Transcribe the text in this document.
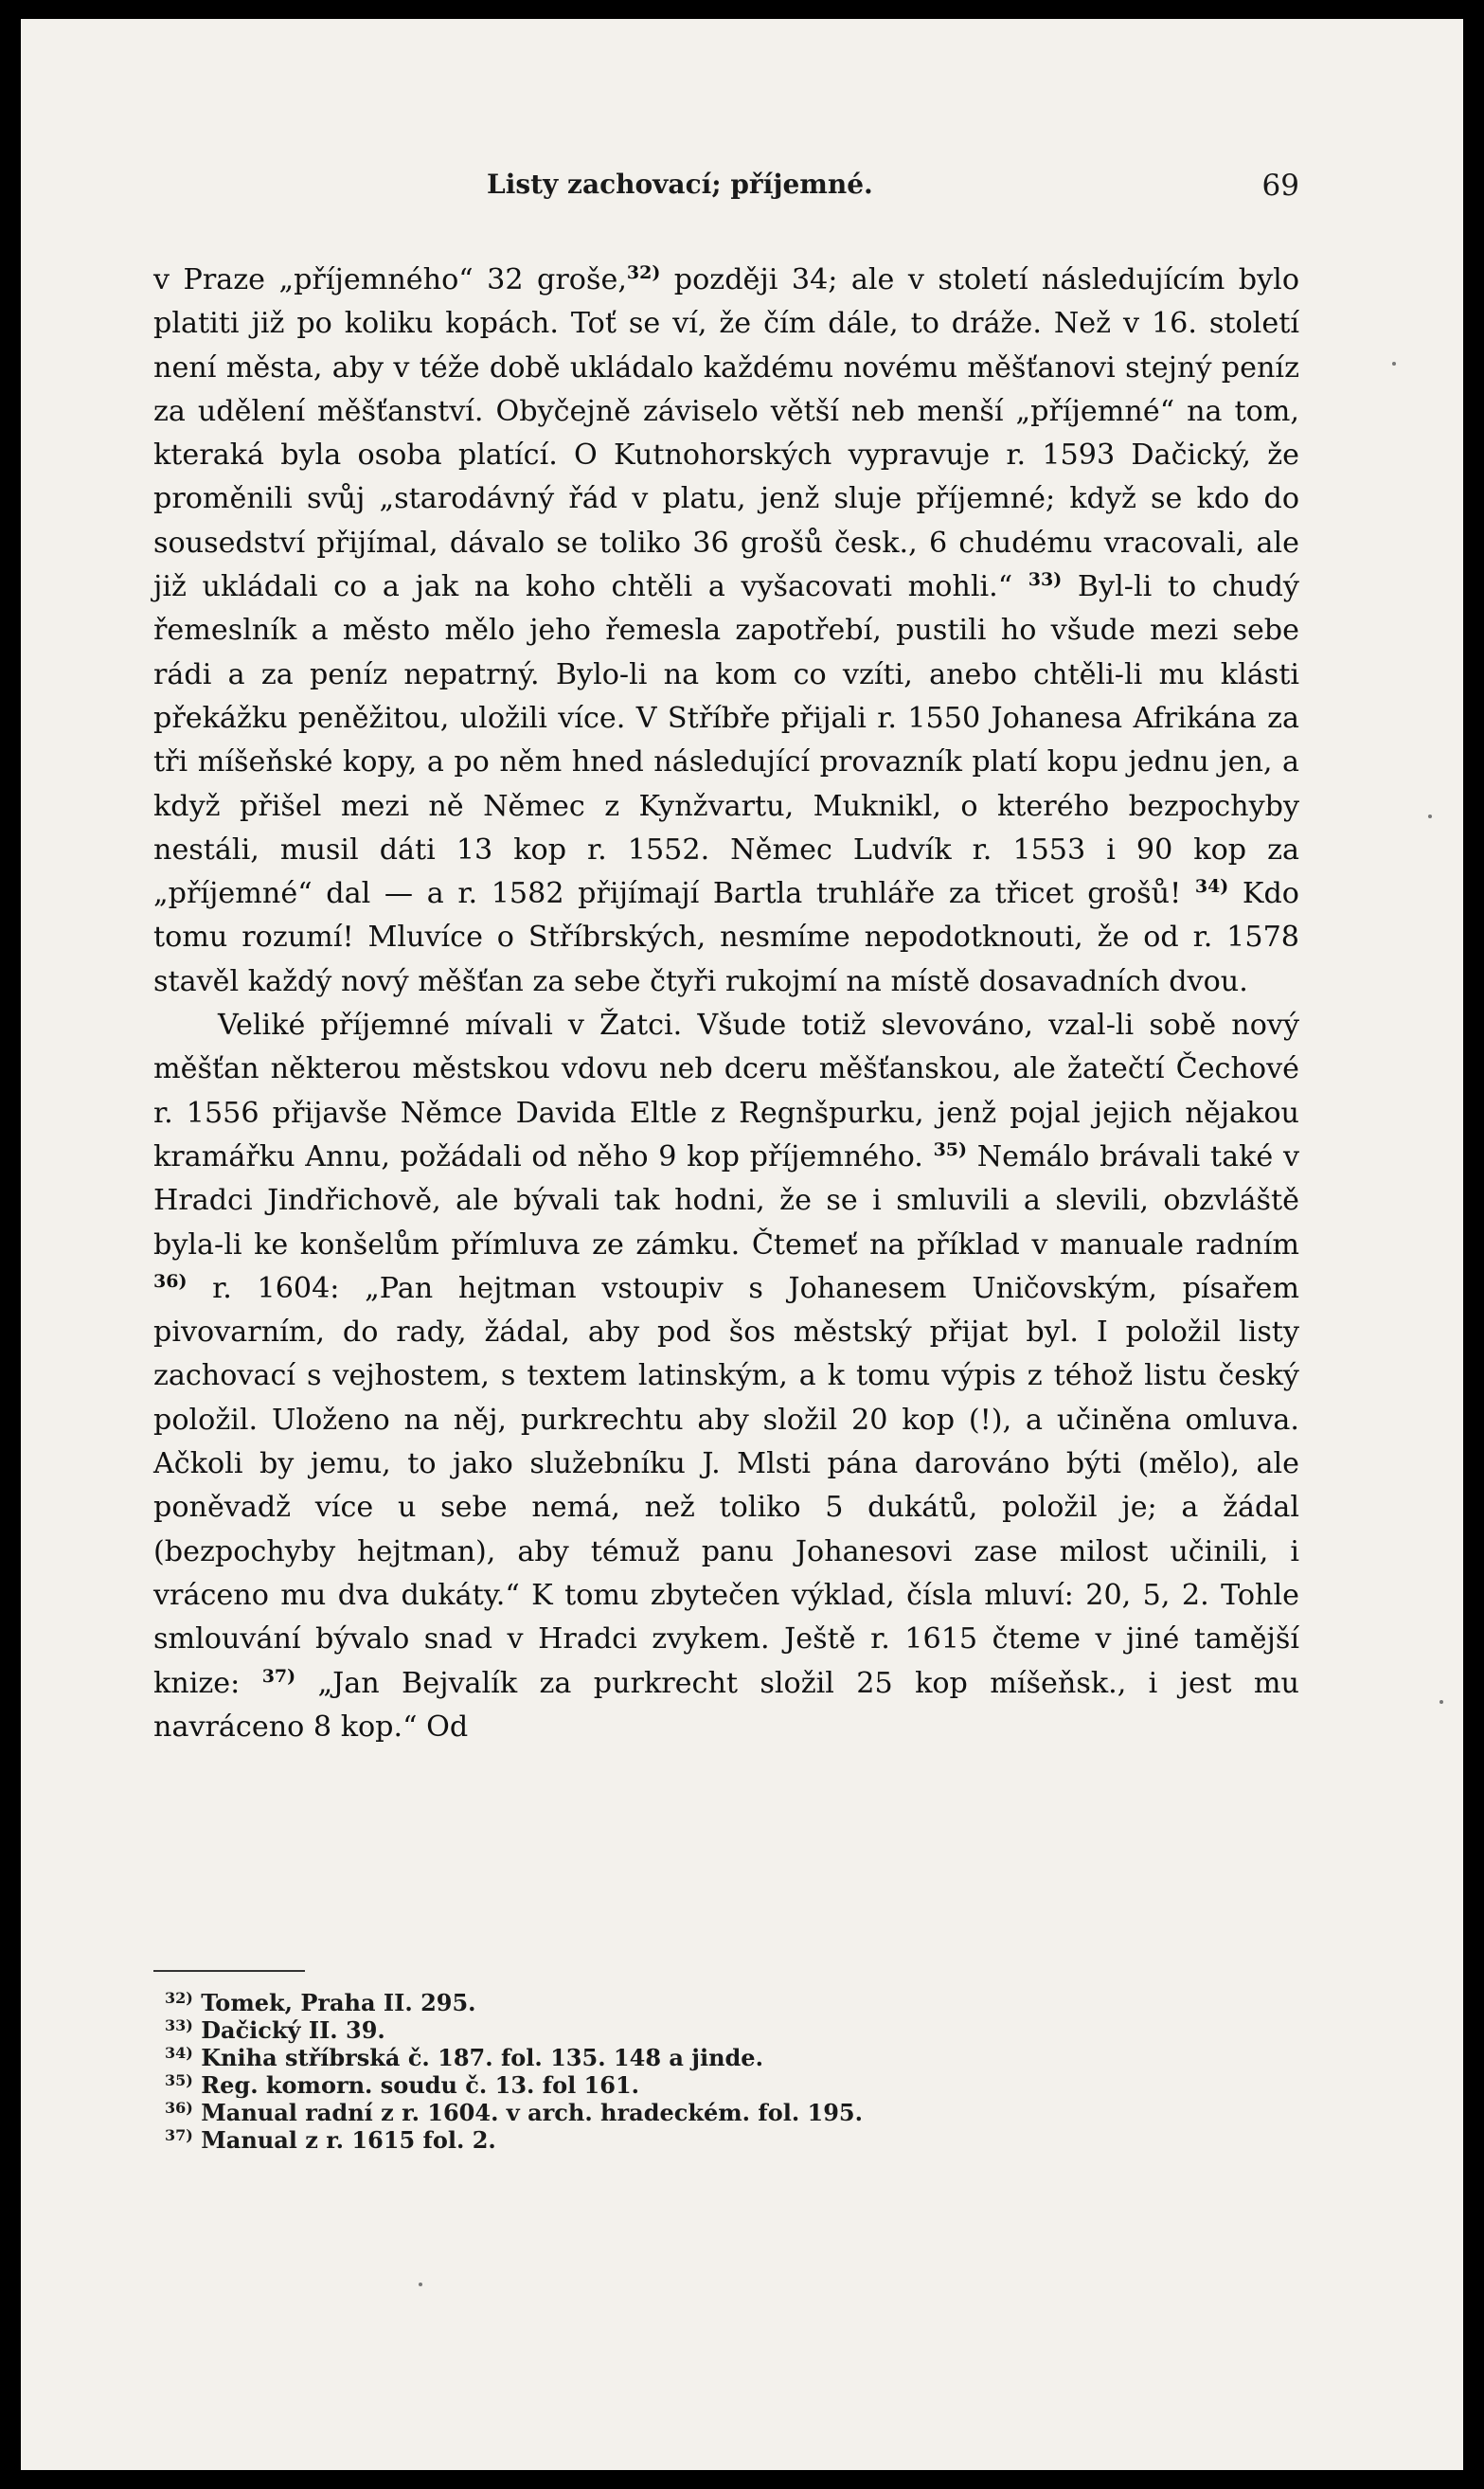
Listy zachovací; příjemné.	69

v Praze „příjemného“ 32 groše,$^{32)}$ později 34; ale v století následujícím bylo platiti již po koliku kopách. Toť se ví, že čím dále, to dráže. Než v 16. století není města, aby v téže době ukládalo každému novému měšťanovi stejný peníz za udělení měšťanství. Obyčejně záviselo větší neb menší „příjemné“ na tom, kteraká byla osoba platící. O Kutnohorských vypravuje r. 1593 Dačický, že proměnili svůj „starodávný řád v platu, jenž sluje příjemné; když se kdo do sousedství přijímal, dávalo se toliko 36 grošů česk., 6 chudému vracovali, ale již ukládali co a jak na koho chtěli a vyšacovati mohli.“ $^{33)}$ Byl-li to chudý řemeslník a město mělo jeho řemesla zapotřebí, pustili ho všude mezi sebe rádi a za peníz nepatrný. Bylo-li na kom co vzíti, anebo chtěli-li mu klásti překážku peněžitou, uložili více. V Stříbře přijali r. 1550 Johanesa Afrikána za tři míšeňské kopy, a po něm hned následující provazník platí kopu jednu jen, a když přišel mezi ně Němec z Kynžvartu, Muknikl, o kterého bezpochyby nestáli, musil dáti 13 kop r. 1552. Němec Ludvík r. 1553 i 90 kop za „příjemné“ dal — a r. 1582 přijímají Bartla truhláře za třicet grošů! $^{34)}$ Kdo tomu rozumí! Mluvíce o Stříbrských, nesmíme nepodotknouti, že od r. 1578 stavěl každý nový měšťan za sebe čtyři rukojmí na místě dosavadních dvou.

Veliké příjemné mívali v Žatci. Všude totiž slevováno, vzal-li sobě nový měšťan některou městskou vdovu neb dceru měšťanskou, ale žatečtí Čechové r. 1556 přijavše Němce Davida Eltle z Regnšpurku, jenž pojal jejich nějakou kramářku Annu, požádali od něho 9 kop příjemného. $^{35)}$ Nemálo brávali také v Hradci Jindřichově, ale bývali tak hodni, že se i smluvili a slevili, obzvláště byla-li ke konšelům přímluva ze zámku. Čtemeť na příklad v manuale radním $^{36)}$ r. 1604: „Pan hejtman vstoupiv s Johanesem Uničovským, písařem pivovarním, do rady, žádal, aby pod šos městský přijat byl. I položil listy zachovací s vejhostem, s textem latinským, a k tomu výpis z téhož listu český položil. Uloženo na něj, purkrechtu aby složil 20 kop (!), a učiněna omluva. Ačkoli by jemu, to jako služebníku J. Mlsti pána darováno býti (mělo), ale poněvadž více u sebe nemá, než toliko 5 dukátů, položil je; a žádal (bezpochyby hejtman), aby témuž panu Johanesovi zase milost učinili, i vráceno mu dva dukáty.“ K tomu zbytečen výklad, čísla mluví: 20, 5, 2. Tohle smlouvání bývalo snad v Hradci zvykem. Ještě r. 1615 čteme v jiné tamější knize: $^{37)}$ „Jan Bejvalík za purkrecht složil 25 kop míšeňsk., i jest mu navráceno 8 kop.“ Od

$^{32)}$ Tomek, Praha II. 295.
$^{33)}$ Dačický II. 39.
$^{34)}$ Kniha stříbrská č. 187. fol. 135. 148 a jinde.
$^{35)}$ Reg. komorn. soudu č. 13. fol 161.
$^{36)}$ Manual radní z r. 1604. v arch. hradeckém. fol. 195.
$^{37)}$ Manual z r. 1615 fol. 2.
